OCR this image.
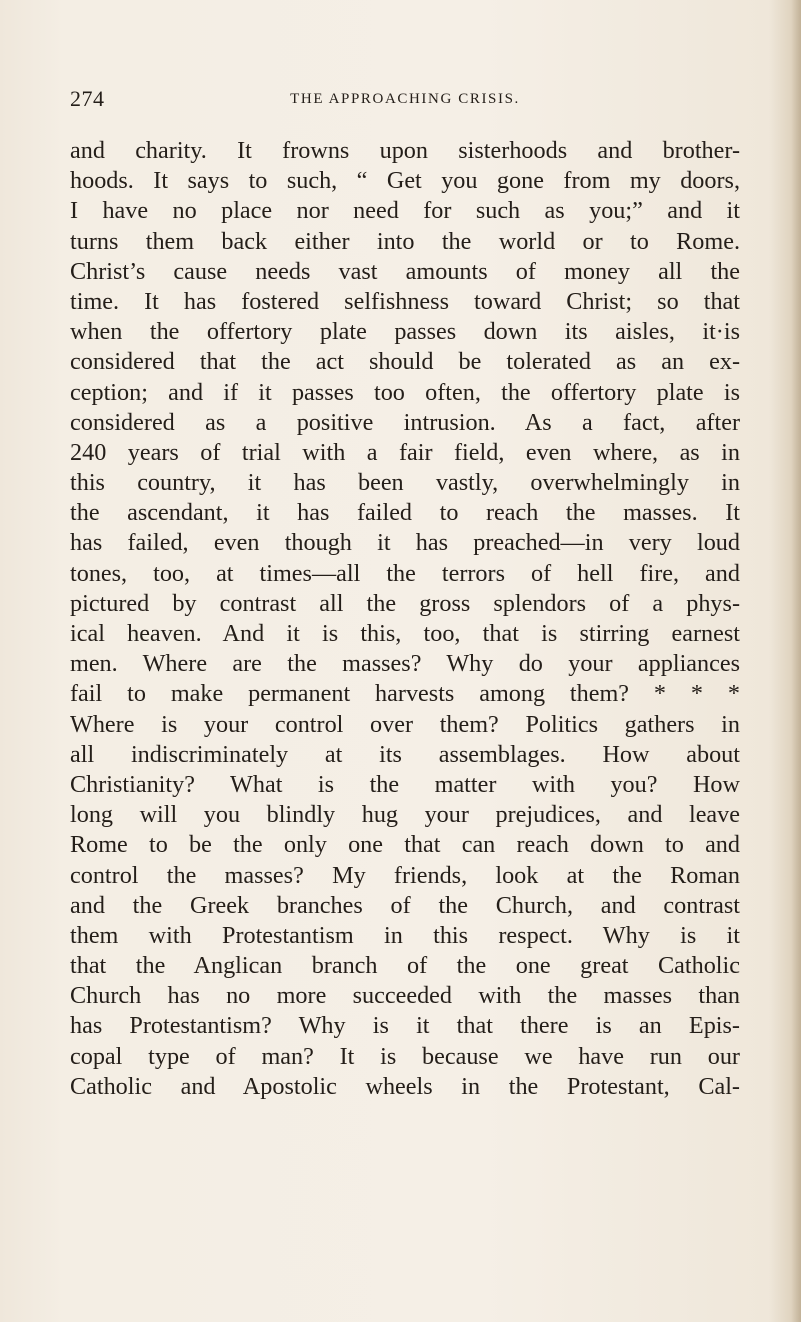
274	THE APPROACHING CRISIS.
and charity. It frowns upon sisterhoods and brother-
hoods. It says to such, “ Get you gone from my doors,
I have no place nor need for such as you;” and it
turns them back either into the world or to Rome.
Christ’s cause needs vast amounts of money all the
time. It has fostered selfishness toward Christ; so that
when the offertory plate passes down its aisles, it·is
considered that the act should be tolerated as an ex-
ception; and if it passes too often, the offertory plate is
considered as a positive intrusion. As a fact, after
240 years of trial with a fair field, even where, as in
this country, it has been vastly, overwhelmingly in
the ascendant, it has failed to reach the masses. It
has failed, even though it has preached—in very loud
tones, too, at times—all the terrors of hell fire, and
pictured by contrast all the gross splendors of a phys-
ical heaven. And it is this, too, that is stirring earnest
men. Where are the masses? Why do your appliances
fail to make permanent harvests among them? * * *
Where is your control over them? Politics gathers in
all indiscriminately at its assemblages. How about
Christianity? What is the matter with you? How
long will you blindly hug your prejudices, and leave
Rome to be the only one that can reach down to and
control the masses? My friends, look at the Roman
and the Greek branches of the Church, and contrast
them with Protestantism in this respect. Why is it
that the Anglican branch of the one great Catholic
Church has no more succeeded with the masses than
has Protestantism? Why is it that there is an Epis-
copal type of man? It is because we have run our
Catholic and Apostolic wheels in the Protestant, Cal-
